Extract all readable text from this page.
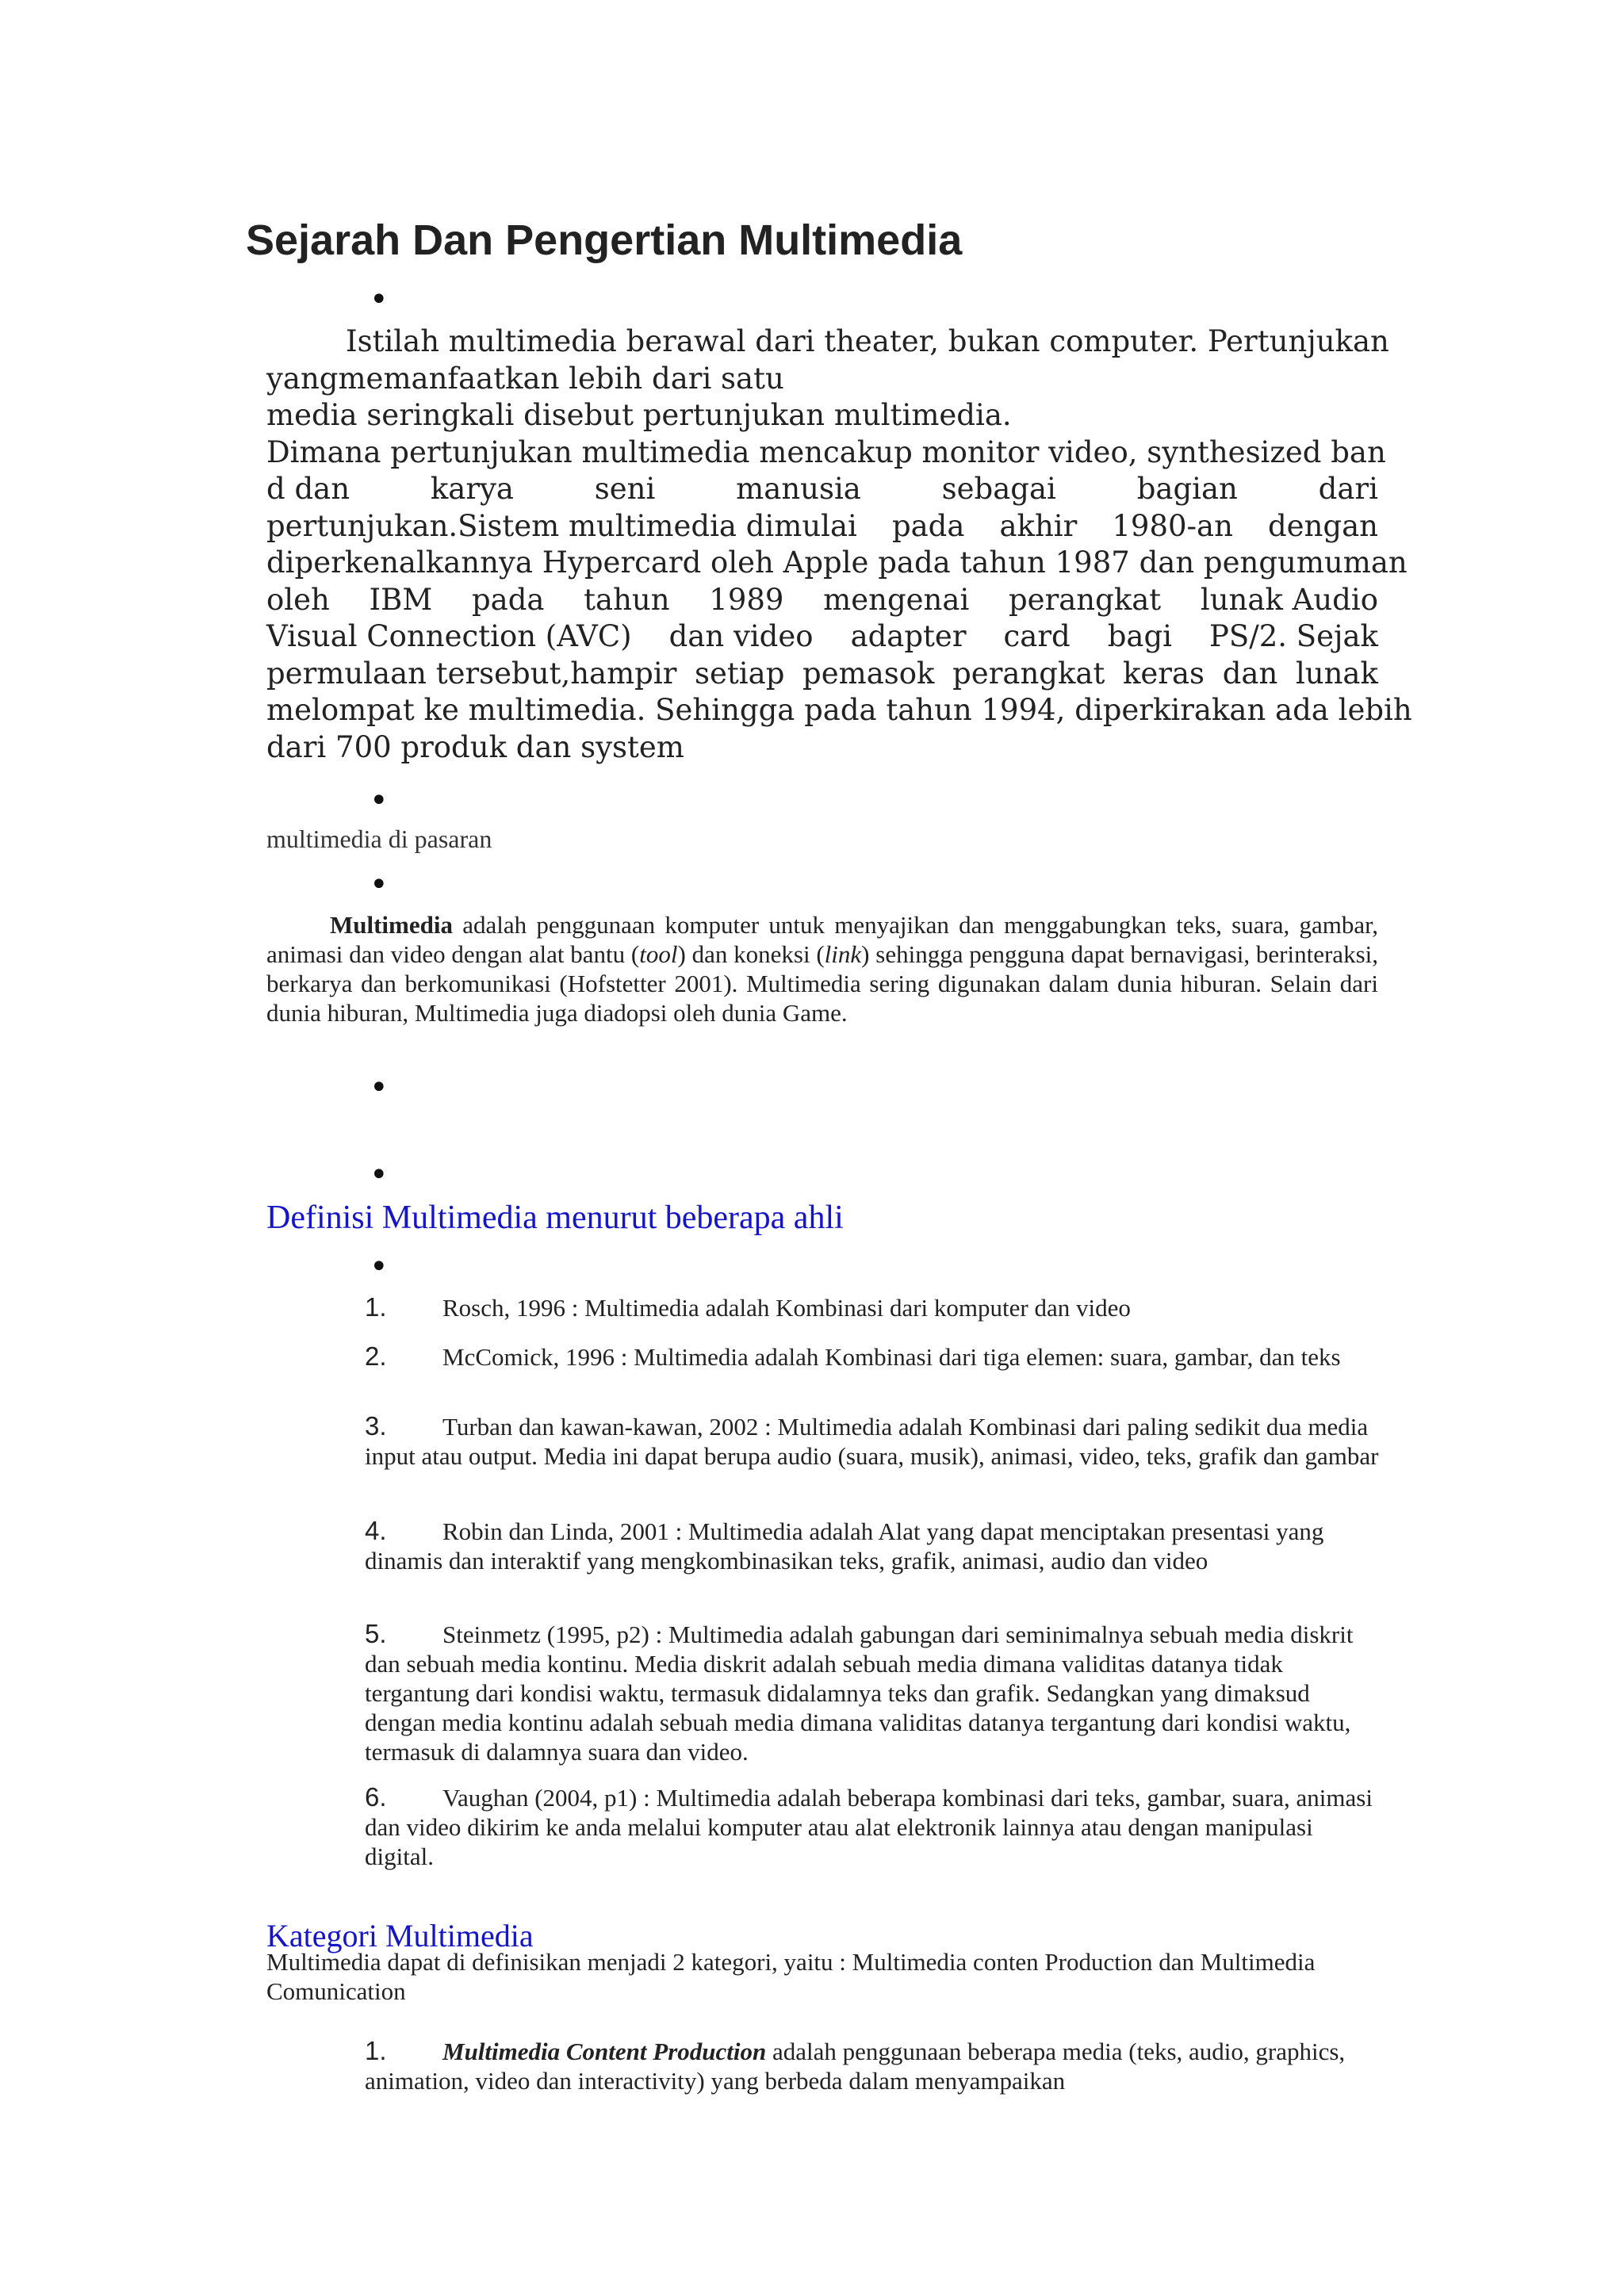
Sejarah Dan Pengertian Multimedia
•
Istilah multimedia berawal dari theater, bukan computer. Pertunjukan
yangmemanfaatkan lebih dari satu
media seringkali disebut pertunjukan multimedia.
Dimana pertunjukan multimedia mencakup monitor video, synthesized ban
d dan	karya	seni	manusia	sebagai	bagian	dari
pertunjukan.Sistem multimedia dimulai pada akhir 1980-an dengan
diperkenalkannya Hypercard oleh Apple pada tahun 1987 dan pengumuman
oleh IBM pada tahun 1989 mengenai perangkat lunak Audio
Visual Connection (AVC) dan video adapter card bagi PS/2. Sejak
permulaan tersebut,hampir setiap pemasok perangkat keras dan lunak
melompat ke multimedia. Sehingga pada tahun 1994, diperkirakan ada lebih
dari 700 produk dan system
•
multimedia di pasaran
•
Multimedia adalah penggunaan komputer untuk menyajikan dan menggabungkan teks, suara, gambar, animasi dan video dengan alat bantu (tool) dan koneksi (link) sehingga pengguna dapat bernavigasi, berinteraksi, berkarya dan berkomunikasi (Hofstetter 2001). Multimedia sering digunakan dalam dunia hiburan. Selain dari dunia hiburan, Multimedia juga diadopsi oleh dunia Game.
•
•
Definisi Multimedia menurut beberapa ahli
•
1. Rosch, 1996 : Multimedia adalah Kombinasi dari komputer dan video
2. McComick, 1996 : Multimedia adalah Kombinasi dari tiga elemen: suara, gambar, dan teks
3. Turban dan kawan-kawan, 2002 : Multimedia adalah Kombinasi dari paling sedikit dua media input atau output. Media ini dapat berupa audio (suara, musik), animasi, video, teks, grafik dan gambar
4. Robin dan Linda, 2001 : Multimedia adalah Alat yang dapat menciptakan presentasi yang dinamis dan interaktif yang mengkombinasikan teks, grafik, animasi, audio dan video
5. Steinmetz (1995, p2) : Multimedia adalah gabungan dari seminimalnya sebuah media diskrit dan sebuah media kontinu. Media diskrit adalah sebuah media dimana validitas datanya tidak tergantung dari kondisi waktu, termasuk didalamnya teks dan grafik. Sedangkan yang dimaksud dengan media kontinu adalah sebuah media dimana validitas datanya tergantung dari kondisi waktu, termasuk di dalamnya suara dan video.
6. Vaughan (2004, p1) : Multimedia adalah beberapa kombinasi dari teks, gambar, suara, animasi dan video dikirim ke anda melalui komputer atau alat elektronik lainnya atau dengan manipulasi digital.
Kategori Multimedia
Multimedia dapat di definisikan menjadi 2 kategori, yaitu : Multimedia conten Production dan Multimedia Comunication
1. Multimedia Content Production adalah penggunaan beberapa media (teks, audio, graphics, animation, video dan interactivity) yang berbeda dalam menyampaikan
